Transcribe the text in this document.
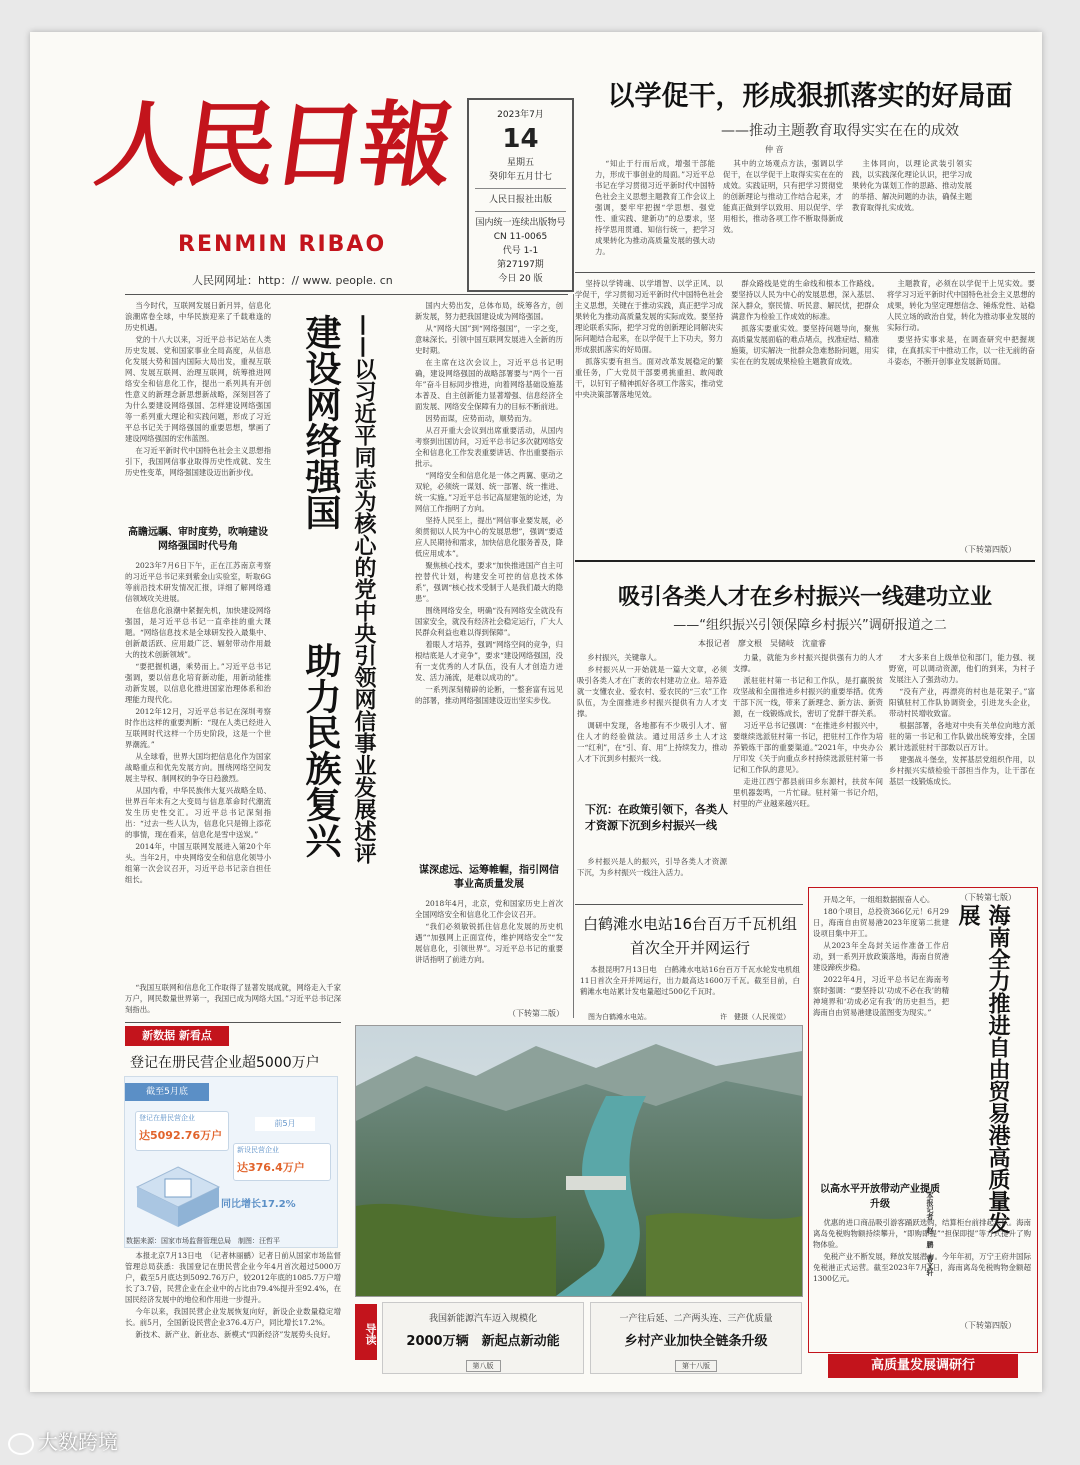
人民日報
RENMIN RIBAO
人民网网址：http：// www. people. cn
2023年7月
14
星期五
癸卯年五月廿七
人民日报社出版
国内统一连续出版物号
CN 11-0065
代号 1-1
第27197期
今日 20 版
以学促干，形成狠抓落实的好局面
——推动主题教育取得实实在在的成效
仲 音

“知止于行而后成，增强干部能力，形成干事创业的局面。”习近平总书记在学习贯彻习近平新时代中国特色社会主义思想主题教育工作会议上强调，要牢牢把握“学思想、强党性、重实践、建新功”的总要求，坚持学思用贯通、知信行统一，把学习成果转化为推动高质量发展的强大动力。

其中的立场观点方法，强调以学促干，在以学促干上取得实实在在的成效。实践证明，只有把学习贯彻党的创新理论与推动工作结合起来，才能真正做到学以致用、用以促学、学用相长，推动各项工作不断取得新成效。

主体同向，以理论武装引领实践，以实践深化理论认识，把学习成果转化为谋划工作的思路、推动发展的举措、解决问题的办法，确保主题教育取得扎实成效。

坚持以学铸魂、以学增智、以学正风、以学促干，学习贯彻习近平新时代中国特色社会主义思想，关键在于推动实践，真正把学习成果转化为推动高质量发展的实际成效。要坚持理论联系实际，把学习党的创新理论同解决实际问题结合起来，在以学促干上下功夫，努力形成狠抓落实的好局面。

抓落实要有担当。面对改革发展稳定的繁重任务，广大党员干部要勇挑重担、敢闯敢干，以钉钉子精神抓好各项工作落实，推动党中央决策部署落地见效。

群众路线是党的生命线和根本工作路线。要坚持以人民为中心的发展思想，深入基层、深入群众，察民情、听民意、解民忧，把群众满意作为检验工作成效的标准。

抓落实要重实效。要坚持问题导向，聚焦高质量发展面临的难点堵点，找准症结、精准施策，切实解决一批群众急难愁盼问题，用实实在在的发展成果检验主题教育成效。

主题教育，必须在以学促干上见实效。要将学习习近平新时代中国特色社会主义思想的成果，转化为坚定理想信念、锤炼党性、站稳人民立场的政治自觉，转化为推动事业发展的实际行动。

要坚持实事求是，在调查研究中把握规律，在真抓实干中推动工作，以一往无前的奋斗姿态，不断开创事业发展新局面。

（下转第四版）

当今时代，互联网发展日新月异，信息化浪潮席卷全球，中华民族迎来了千载难逢的历史机遇。

党的十八大以来，习近平总书记站在人类历史发展、党和国家事业全局高度，从信息化发展大势和国内国际大局出发，重视互联网、发展互联网、治理互联网，统筹推进网络安全和信息化工作，提出一系列具有开创性意义的新理念新思想新战略，深刻回答了为什么要建设网络强国、怎样建设网络强国等一系列重大理论和实践问题，形成了习近平总书记关于网络强国的重要思想，擘画了建设网络强国的宏伟蓝图。

在习近平新时代中国特色社会主义思想指引下，我国网信事业取得历史性成就、发生历史性变革，网络强国建设迈出新步伐。

高瞻远瞩、审时度势，吹响建设网络强国时代号角

2023年7月6日下午，正在江苏南京考察的习近平总书记来到紫金山实验室，听取6G等前沿技术研发情况汇报，详细了解网络通信领域攻关进展。

在信息化浪潮中紧握先机，加快建设网络强国，是习近平总书记一直牵挂的重大课题。“网络信息技术是全球研发投入最集中、创新最活跃、应用最广泛、辐射带动作用最大的技术创新领域”。

“要把握机遇，乘势而上。”习近平总书记强调，要以信息化培育新动能，用新动能推动新发展，以信息化推进国家治理体系和治理能力现代化。

2012年12月，习近平总书记在深圳考察时作出这样的重要判断：“现在人类已经进入互联网时代这样一个历史阶段，这是一个世界潮流。”

从全球看，世界大国均把信息化作为国家战略重点和优先发展方向。围绕网络空间发展主导权、制网权的争夺日趋激烈。

从国内看，中华民族伟大复兴战略全局、世界百年未有之大变局与信息革命时代潮流发生历史性交汇。习近平总书记深刻指出：“过去一些人认为，信息化只是锦上添花的事情，现在看来，信息化是雪中送炭。”

2014年，中国互联网发展进入第20个年头。当年2月，中央网络安全和信息化领导小组第一次会议召开，习近平总书记亲自担任组长。

“我国互联网和信息化工作取得了显著发展成就，网络走入千家万户，网民数量世界第一，我国已成为网络大国。”习近平总书记深刻指出。

建设网络强国
助力民族复兴 ——以习近平同志为核心的党中央引领网信事业发展述评

国内大势出发，总体布局，统筹各方，创新发展，努力把我国建设成为网络强国。

从“网络大国”到“网络强国”，一字之变，意味深长。引领中国互联网发展进入全新的历史时期。

在主席在这次会议上，习近平总书记明确，建设网络强国的战略部署要与“两个一百年”奋斗目标同步推进，向着网络基础设施基本普及、自主创新能力显著增强、信息经济全面发展、网络安全保障有力的目标不断前进。

因势而谋，应势而动，顺势而为。

从召开重大会议到出席重要活动，从国内考察到出国访问，习近平总书记多次就网络安全和信息化工作发表重要讲话、作出重要指示批示。

“网络安全和信息化是一体之两翼、驱动之双轮，必须统一谋划、统一部署、统一推进、统一实施。”习近平总书记高屋建瓴的论述，为网信工作指明了方向。

坚持人民至上，提出“网信事业要发展，必须贯彻以人民为中心的发展思想”，强调“要适应人民期待和需求，加快信息化服务普及，降低应用成本”。

聚焦核心技术，要求“加快推进国产自主可控替代计划，构建安全可控的信息技术体系”，强调“核心技术受制于人是我们最大的隐患”。

围绕网络安全，明确“没有网络安全就没有国家安全，就没有经济社会稳定运行，广大人民群众利益也难以得到保障”。

着眼人才培养，强调“网络空间的竞争，归根结底是人才竞争”，要求“建设网络强国，没有一支优秀的人才队伍，没有人才创造力迸发、活力涌流，是难以成功的”。

一系列深刻精辟的论断，一整套富有远见的部署，推动网络强国建设迈出坚实步伐。

谋深虑远、运筹帷幄，指引网信事业高质量发展

2018年4月，北京，党和国家历史上首次全国网络安全和信息化工作会议召开。

“我们必须敏锐抓住信息化发展的历史机遇”“加强网上正面宣传，维护网络安全”“发展信息化，引领世界”。习近平总书记的重要讲话指明了前进方向。

（下转第二版）
吸引各类人才在乡村振兴一线建功立业
——“组织振兴引领保障乡村振兴”调研报道之二
本报记者　廖文根　吴储岐　沈童睿

乡村振兴，关键靠人。

乡村振兴从一开始就是一篇大文章，必须吸引各类人才在广袤的农村建功立业。培养造就一支懂农业、爱农村、爱农民的“三农”工作队伍，为全面推进乡村振兴提供有力人才支撑。

调研中发现，各地都有不少吸引人才、留住人才的经验做法。通过用活乡土人才这一“红利”，在“引、育、用”上持续发力，推动人才下沉到乡村振兴一线。

下沉：在政策引领下，各类人才资源下沉到乡村振兴一线

乡村振兴是人的振兴，引导各类人才资源下沉，为乡村振兴一线注入活力。

力量，就能为乡村振兴提供强有力的人才支撑。

派驻驻村第一书记和工作队，是打赢脱贫攻坚战和全面推进乡村振兴的重要举措。优秀干部下沉一线，带来了新理念、新方法、新资源，在一线锻炼成长，密切了党群干群关系。

习近平总书记强调：“在推进乡村振兴中，要继续选派驻村第一书记，把驻村工作作为培养锻炼干部的重要渠道。”2021年，中央办公厅印发《关于向重点乡村持续选派驻村第一书记和工作队的意见》。

走进江西宁都县前田乡东源村，扶贫车间里机器轰鸣，一片忙碌。驻村第一书记介绍，村里的产业越来越兴旺。

才大多来自上级单位和部门，能力强、视野宽，可以调动资源，他们的到来，为村子发展注入了强劲动力。

“没有产业，再漂亮的村也是花架子。”富阳镇驻村工作队协调资金，引进龙头企业，带动村民增收致富。

根据部署，各地对中央有关单位向地方派驻的第一书记和工作队做出统筹安排，全国累计选派驻村干部数以百万计。

建强战斗堡垒，发挥基层党组织作用，以乡村振兴实绩检验干部担当作为，让干部在基层一线锻炼成长。

（下转第七版）
白鹤滩水电站16台百万千瓦机组首次全开并网运行

本报昆明7月13日电　白鹤滩水电站16台百万千瓦水轮发电机组11日首次全开并网运行，出力最高达1600万千瓦。截至目前，白鹤滩水电站累计发电量超过500亿千瓦时。

图为白鹤滩水电站。	许　健摄（人民视觉）

开局之年，一组组数据振奋人心。

180个项目，总投资366亿元！6月29日，海南自由贸易港2023年度第二批建设项目集中开工。

从2023年全岛封关运作准备工作启动，到一系列开放政策落地，海南自贸港建设蹄疾步稳。

2022年4月，习近平总书记在海南考察时强调：“要坚持以‘功成不必在我’的精神境界和‘功成必定有我’的历史担当，把海南自由贸易港建设蓝图变为现实。”	海南全力推进自由贸易港高质量发展
本报记者　赵　鹏　曹文轩
以高水平开放带动产业提质升级

优惠的进口商品吸引游客踊跃选购，结算柜台前排起长队。海南离岛免税购物额持续攀升，“即购即提”“担保即提”等方式提升了购物体验。

免税产业不断发展，释放发展潜力。今年年初，万宁王府井国际免税港正式运营。截至2023年7月1日，海南离岛免税购物金额超1300亿元。

（下转第四版）
高质量发展调研行
新数据 新看点
登记在册民营企业超5000万户
截至5月底
登记在册民营企业
达5092.76万户
前5月
新设民营企业
达376.4万户
同比增长17.2%
数据来源：国家市场监督管理总局　制图：汪哲平

本报北京7月13日电　（记者林丽鹂）记者日前从国家市场监督管理总局获悉：我国登记在册民营企业今年4月首次超过5000万户，截至5月底达到5092.76万户，较2012年底的1085.7万户增长了3.7倍，民营企业在企业中的占比由79.4%提升至92.4%，在国民经济发展中的地位和作用进一步提升。

今年以来，我国民营企业发展恢复向好，新设企业数量稳定增长。前5月，全国新设民营企业376.4万户，同比增长17.2%。

新技术、新产业、新业态、新模式“四新经济”发展势头良好。	导读
我国新能源汽车迈入规模化
2000万辆　新起点新动能
第八版
一产往后延、二产两头连、三产优质量
乡村产业加快全链条升级
第十八版
大数跨境
